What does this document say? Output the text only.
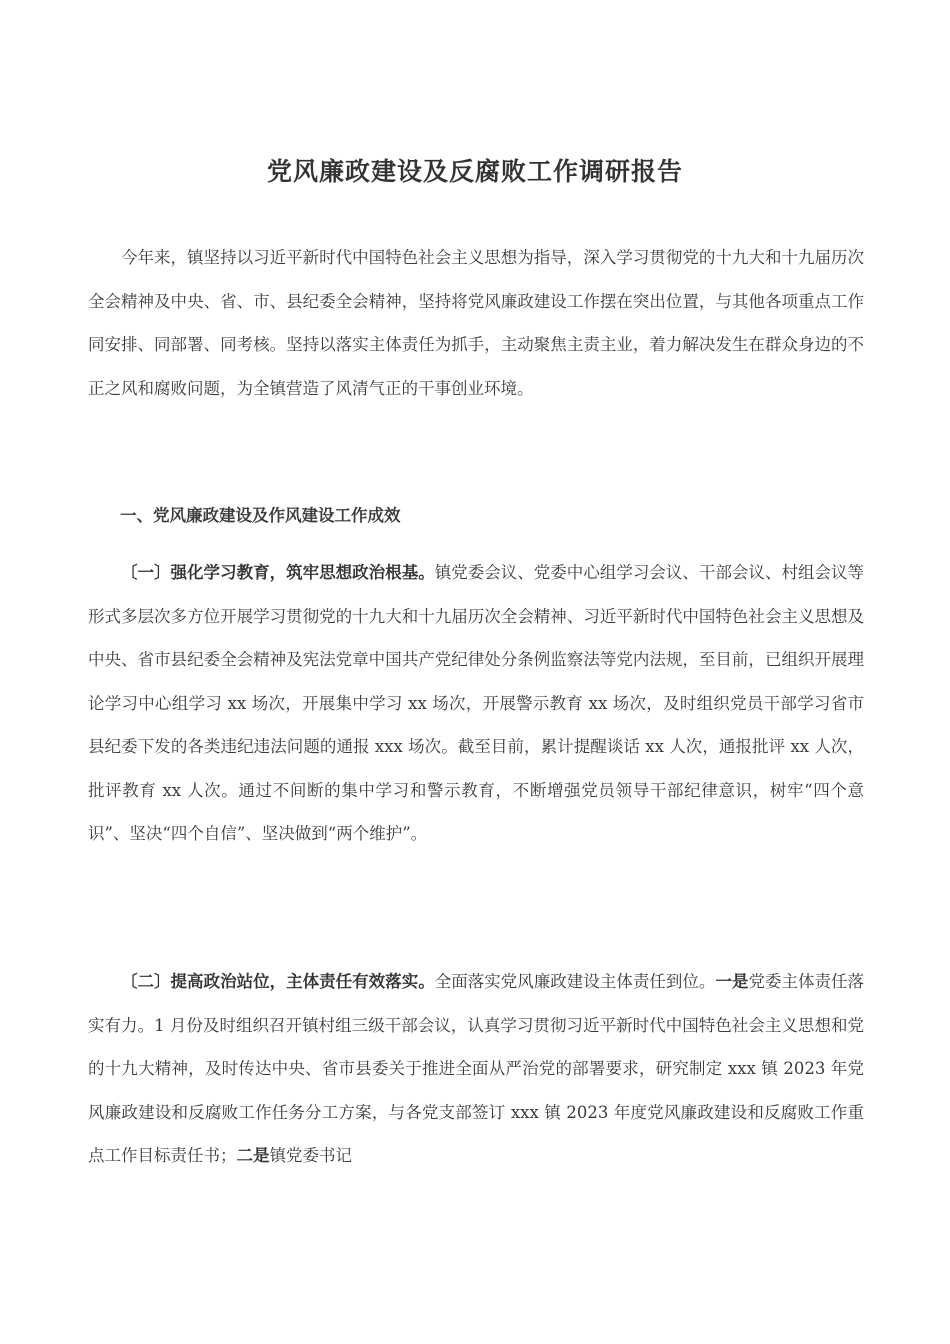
党风廉政建设及反腐败工作调研报告

今年来，镇坚持以习近平新时代中国特色社会主义思想为指导，深入学习贯彻党的十九大和十九届历次全会精神及中央、省、市、县纪委全会精神，坚持将党风廉政建设工作摆在突出位置，与其他各项重点工作同安排、同部署、同考核。坚持以落实主体责任为抓手，主动聚焦主责主业，着力解决发生在群众身边的不正之风和腐败问题，为全镇营造了风清气正的干事创业环境。

一、党风廉政建设及作风建设工作成效

〔一〕强化学习教育，筑牢思想政治根基。镇党委会议、党委中心组学习会议、干部会议、村组会议等形式多层次多方位开展学习贯彻党的十九大和十九届历次全会精神、习近平新时代中国特色社会主义思想及中央、省市县纪委全会精神及宪法党章中国共产党纪律处分条例监察法等党内法规，至目前，已组织开展理论学习中心组学习 xx 场次，开展集中学习 xx 场次，开展警示教育 xx 场次，及时组织党员干部学习省市县纪委下发的各类违纪违法问题的通报 xxx 场次。截至目前，累计提醒谈话 xx 人次，通报批评 xx 人次，批评教育 xx 人次。通过不间断的集中学习和警示教育，不断增强党员领导干部纪律意识，树牢“四个意识”、坚决“四个自信”、坚决做到“两个维护”。

〔二〕提高政治站位，主体责任有效落实。全面落实党风廉政建设主体责任到位。一是党委主体责任落实有力。1 月份及时组织召开镇村组三级干部会议，认真学习贯彻习近平新时代中国特色社会主义思想和党的十九大精神，及时传达中央、省市县委关于推进全面从严治党的部署要求，研究制定 xxx 镇 2023 年党风廉政建设和反腐败工作任务分工方案，与各党支部签订 xxx 镇 2023 年度党风廉政建设和反腐败工作重点工作目标责任书；二是镇党委书记
